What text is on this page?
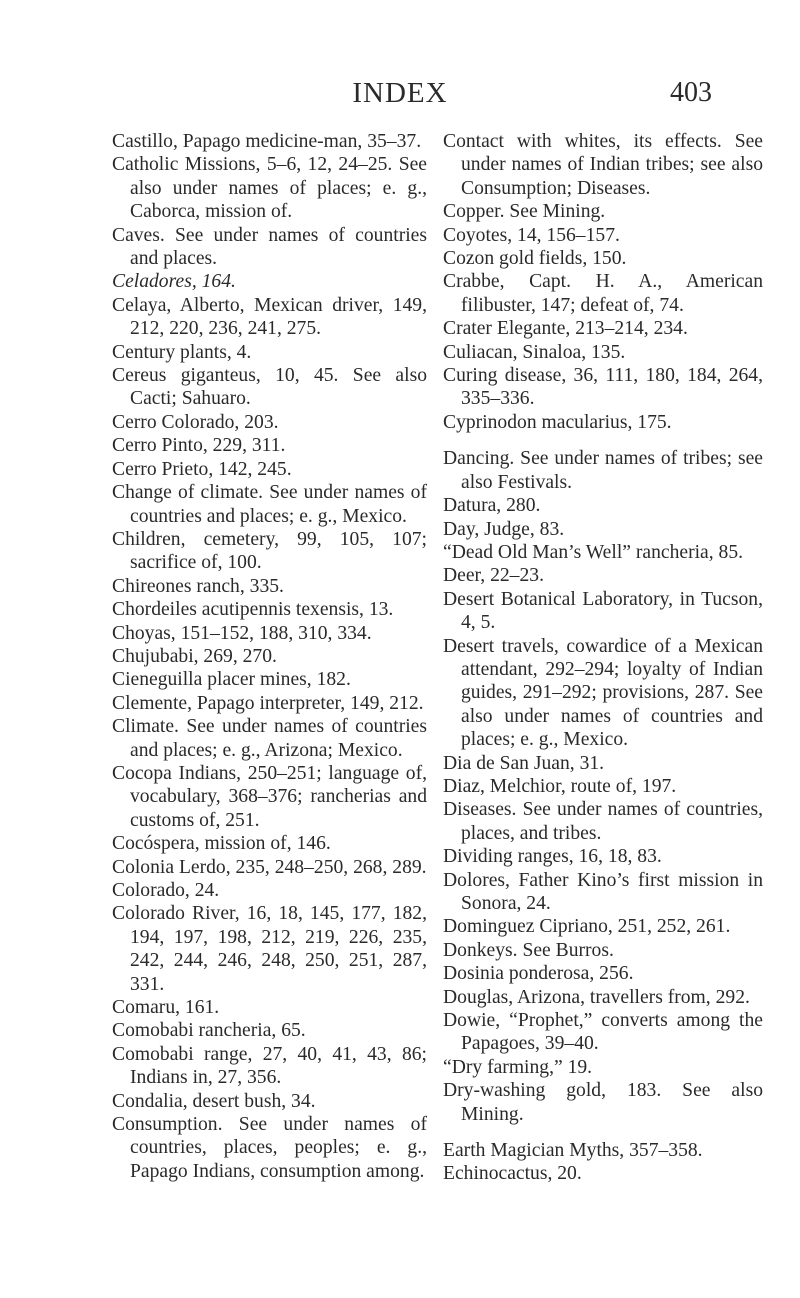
INDEX	403

Castillo, Papago medicine-man, 35–37.

Catholic Missions, 5–6, 12, 24–25. See also under names of places; e. g., Caborca, mission of.

Caves. See under names of countries and places.

Celadores, 164.

Celaya, Alberto, Mexican driver, 149, 212, 220, 236, 241, 275.

Century plants, 4.

Cereus giganteus, 10, 45. See also Cacti; Sahuaro.

Cerro Colorado, 203.

Cerro Pinto, 229, 311.

Cerro Prieto, 142, 245.

Change of climate. See under names of countries and places; e. g., Mexico.

Children, cemetery, 99, 105, 107; sacrifice of, 100.

Chireones ranch, 335.

Chordeiles acutipennis texensis, 13.

Choyas, 151–152, 188, 310, 334.

Chujubabi, 269, 270.

Cieneguilla placer mines, 182.

Clemente, Papago interpreter, 149, 212.

Climate. See under names of countries and places; e. g., Arizona; Mexico.

Cocopa Indians, 250–251; language of, vocabulary, 368–376; rancherias and customs of, 251.

Cocóspera, mission of, 146.

Colonia Lerdo, 235, 248–250, 268, 289.

Colorado, 24.

Colorado River, 16, 18, 145, 177, 182, 194, 197, 198, 212, 219, 226, 235, 242, 244, 246, 248, 250, 251, 287, 331.

Comaru, 161.

Comobabi rancheria, 65.

Comobabi range, 27, 40, 41, 43, 86; Indians in, 27, 356.

Condalia, desert bush, 34.

Consumption. See under names of countries, places, peoples; e. g., Papago Indians, consumption among.

Contact with whites, its effects. See under names of Indian tribes; see also Consumption; Diseases.

Copper. See Mining.

Coyotes, 14, 156–157.

Cozon gold fields, 150.

Crabbe, Capt. H. A., American filibuster, 147; defeat of, 74.

Crater Elegante, 213–214, 234.

Culiacan, Sinaloa, 135.

Curing disease, 36, 111, 180, 184, 264, 335–336.

Cyprinodon macularius, 175.

Dancing. See under names of tribes; see also Festivals.

Datura, 280.

Day, Judge, 83.

“Dead Old Man’s Well” rancheria, 85.

Deer, 22–23.

Desert Botanical Laboratory, in Tucson, 4, 5.

Desert travels, cowardice of a Mexican attendant, 292–294; loyalty of Indian guides, 291–292; provisions, 287. See also under names of countries and places; e. g., Mexico.

Dia de San Juan, 31.

Diaz, Melchior, route of, 197.

Diseases. See under names of countries, places, and tribes.

Dividing ranges, 16, 18, 83.

Dolores, Father Kino’s first mission in Sonora, 24.

Dominguez Cipriano, 251, 252, 261.

Donkeys. See Burros.

Dosinia ponderosa, 256.

Douglas, Arizona, travellers from, 292.

Dowie, “Prophet,” converts among the Papagoes, 39–40.

“Dry farming,” 19.

Dry-washing gold, 183. See also Mining.

Earth Magician Myths, 357–358.

Echinocactus, 20.
